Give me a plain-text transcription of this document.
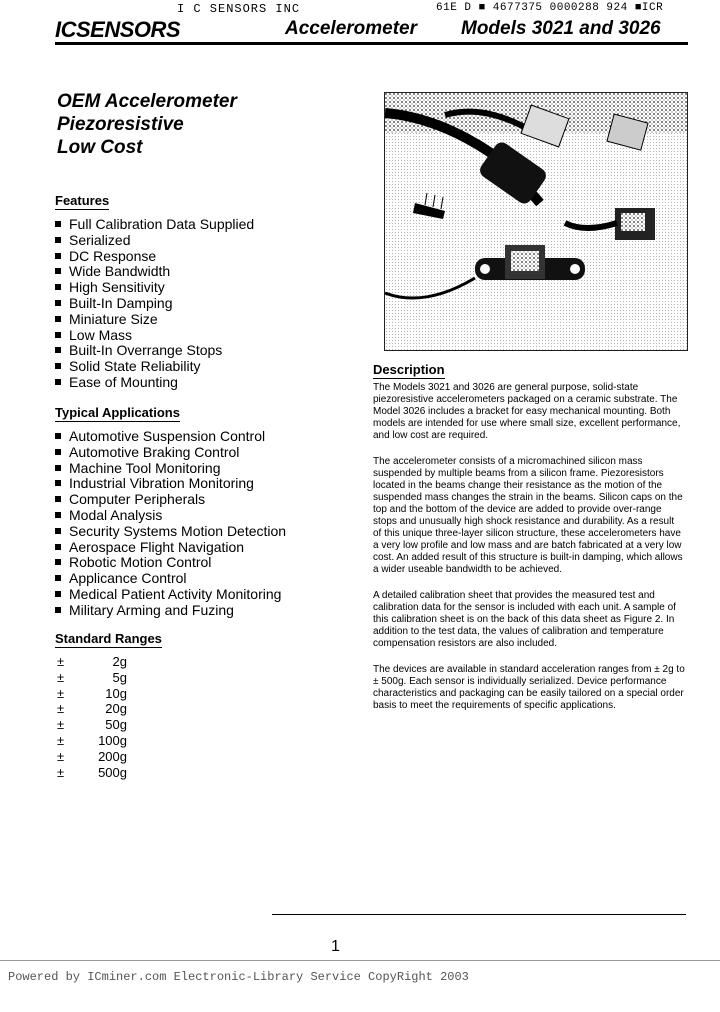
I C SENSORS INC	61E D ■ 4677375 0000288 924 ■ICR
ICSENSORS	Accelerometer Models 3021 and 3026
OEM Accelerometer
Piezoresistive
Low Cost
Features
Full Calibration Data Supplied
Serialized
DC Response
Wide Bandwidth
High Sensitivity
Built-In Damping
Miniature Size
Low Mass
Built-In Overrange Stops
Solid State Reliability
Ease of Mounting
Typical Applications
Automotive Suspension Control
Automotive Braking Control
Machine Tool Monitoring
Industrial Vibration Monitoring
Computer Peripherals
Modal Analysis
Security Systems Motion Detection
Aerospace Flight Navigation
Robotic Motion Control
Applicance Control
Medical Patient Activity Monitoring
Military Arming and Fuzing
Standard Ranges
±	2g
±	5g
±	10g
±	20g
±	50g
±	100g
±	200g
±	500g
Description

The Models 3021 and 3026 are general purpose, solid-state piezoresistive accelerometers packaged on a ceramic substrate. The Model 3026 includes a bracket for easy mechanical mounting. Both models are intended for use where small size, excellent performance, and low cost are required.

The accelerometer consists of a micromachined silicon mass suspended by multiple beams from a silicon frame. Piezoresistors located in the beams change their resistance as the motion of the suspended mass changes the strain in the beams. Silicon caps on the top and the bottom of the device are added to provide over-range stops and unusually high shock resistance and durability. As a result of this unique three-layer silicon structure, these accelerometers have a very low profile and low mass and are batch fabricated at a very low cost. An added result of this structure is built-in damping, which allows a wider useable bandwidth to be achieved.

A detailed calibration sheet that provides the measured test and calibration data for the sensor is included with each unit. A sample of this calibration sheet is on the back of this data sheet as Figure 2. In addition to the test data, the values of calibration and temperature compensation resistors are also included.

The devices are available in standard acceleration ranges from ± 2g to ± 500g. Each sensor is individually serialized. Device performance characteristics and packaging can be easily tailored on a special order basis to meet the requirements of specific applications.

1
Powered by ICminer.com Electronic-Library Service CopyRight 2003
